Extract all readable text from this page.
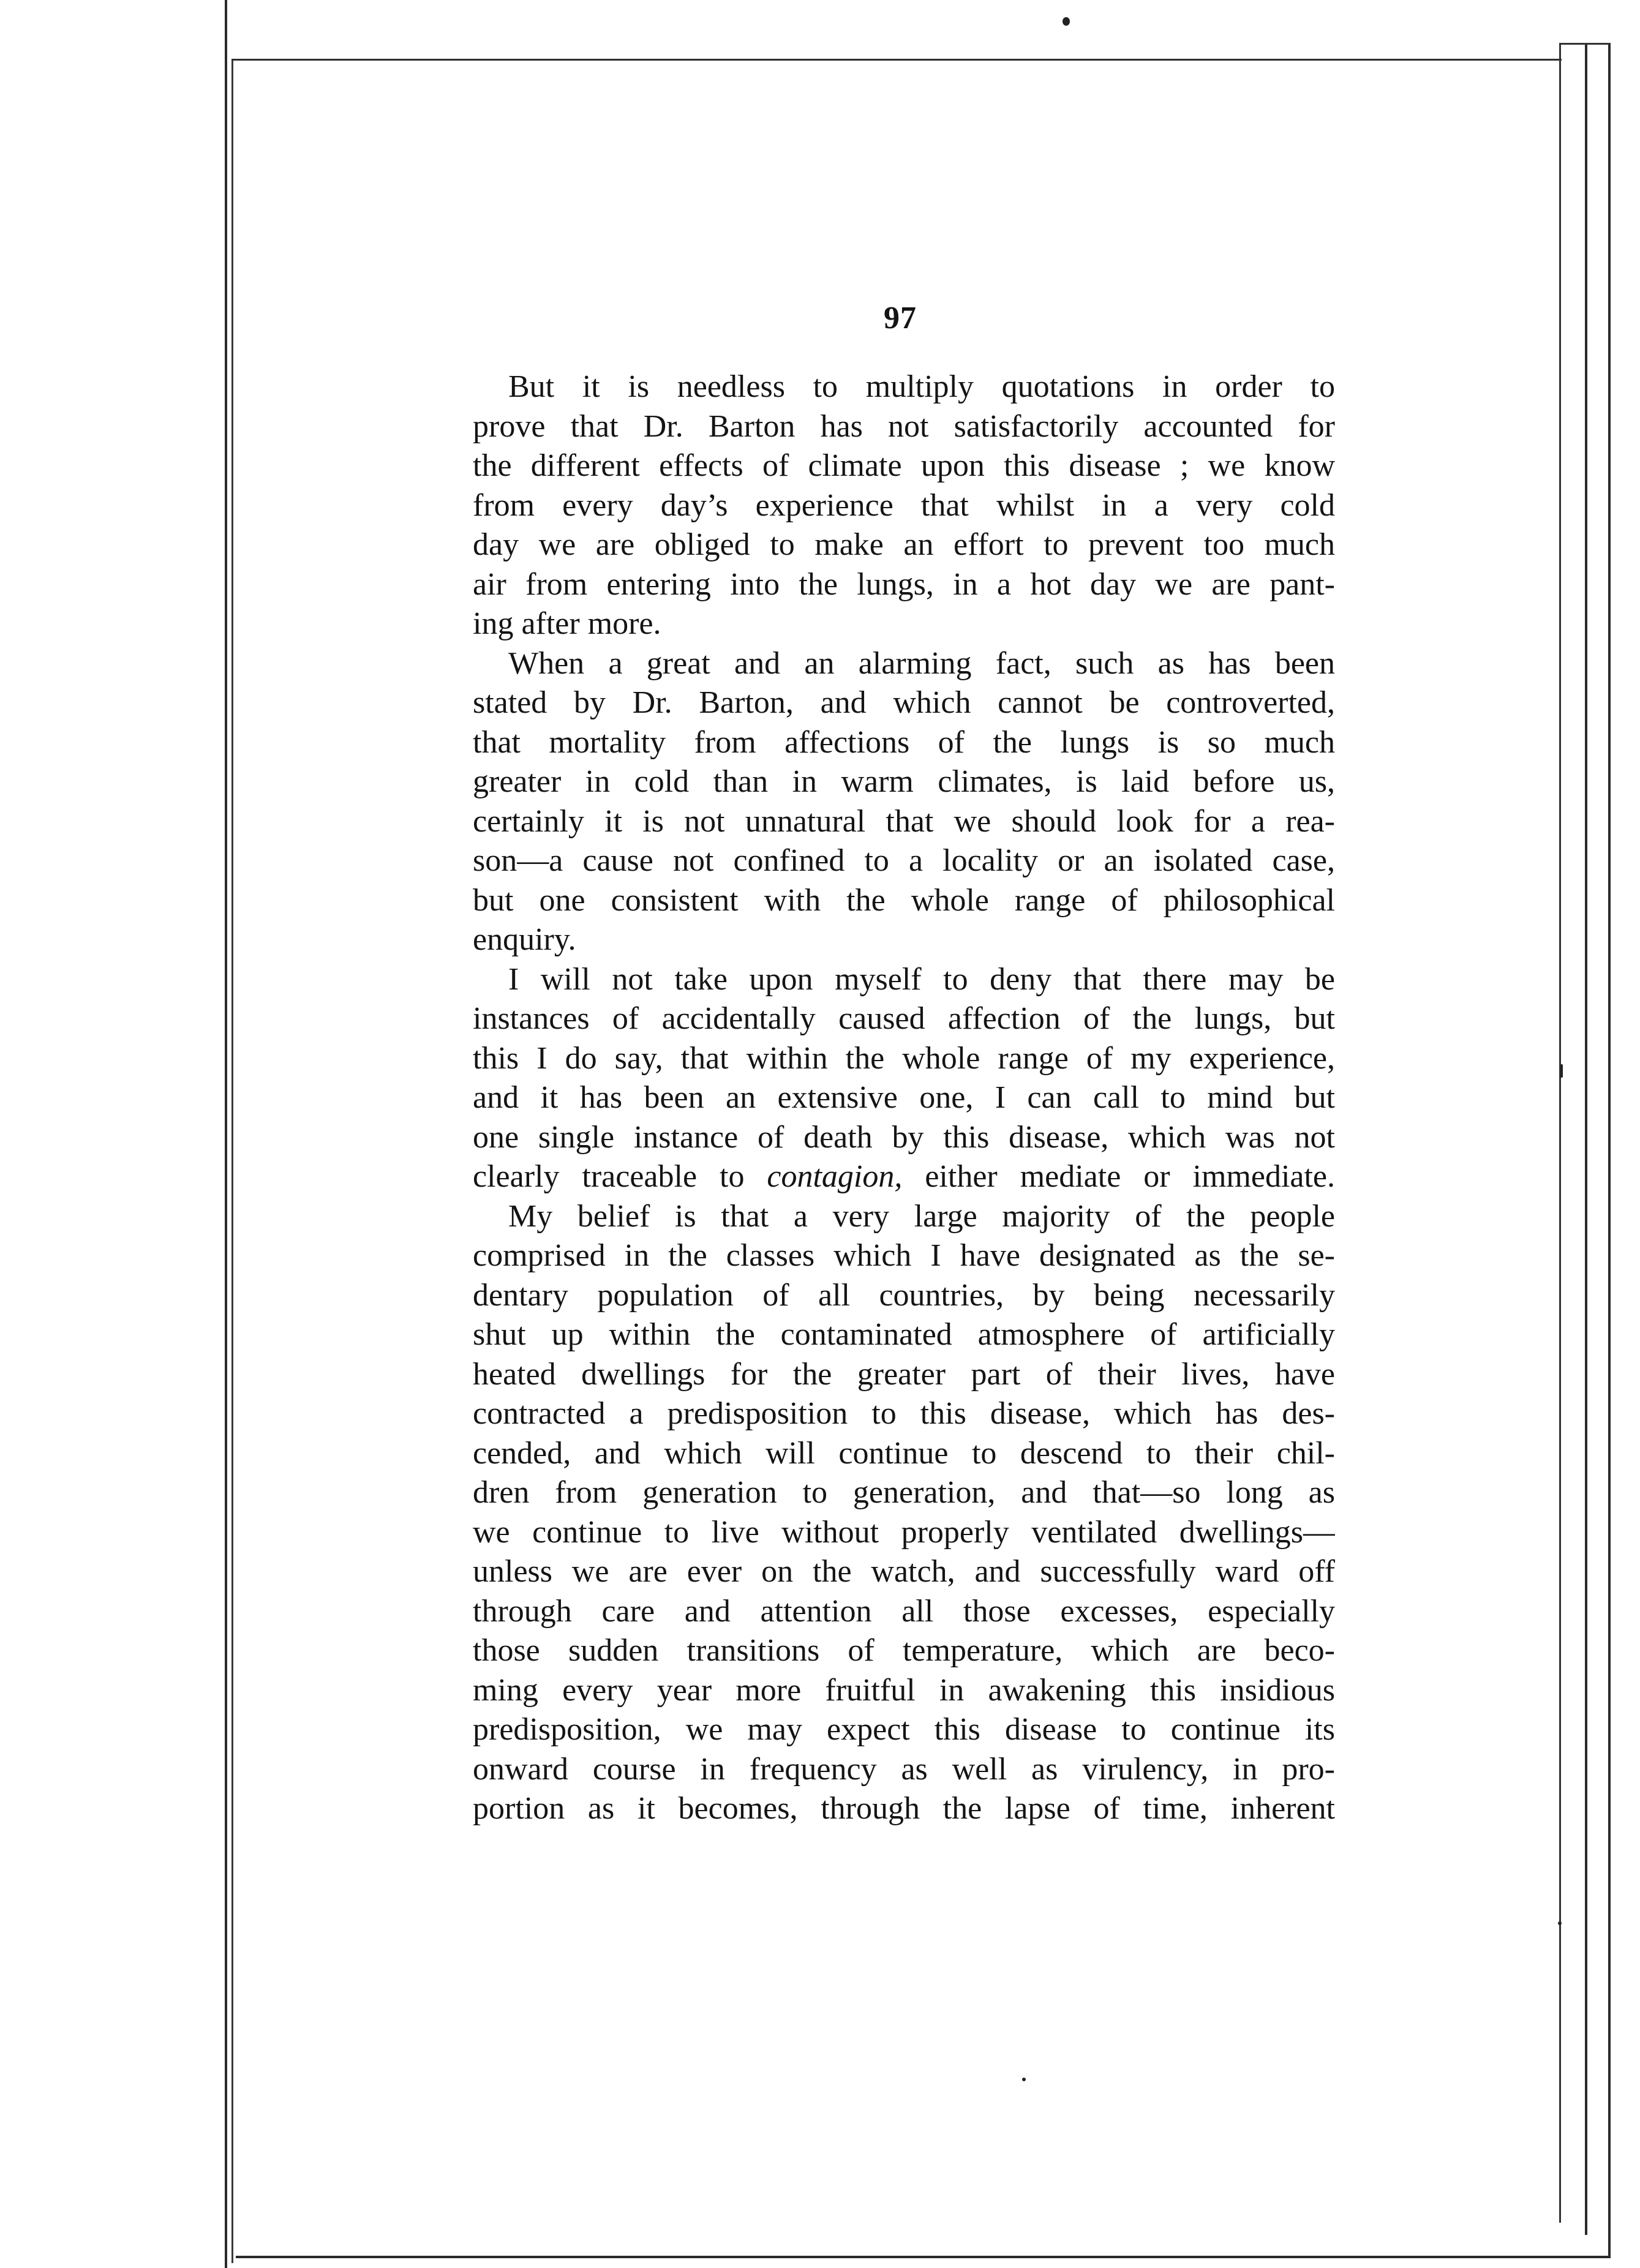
97
But it is needless to multiply quotations in order to
prove that Dr. Barton has not satisfactorily accounted for
the different effects of climate upon this disease ; we know
from every day’s experience that whilst in a very cold
day we are obliged to make an effort to prevent too much
air from entering into the lungs, in a hot day we are pant-
ing after more.
When a great and an alarming fact, such as has been
stated by Dr. Barton, and which cannot be controverted,
that mortality from affections of the lungs is so much
greater in cold than in warm climates, is laid before us,
certainly it is not unnatural that we should look for a rea-
son—a cause not confined to a locality or an isolated case,
but one consistent with the whole range of philosophical
enquiry.
I will not take upon myself to deny that there may be
instances of accidentally caused affection of the lungs, but
this I do say, that within the whole range of my experience,
and it has been an extensive one, I can call to mind but
one single instance of death by this disease, which was not
clearly traceable to contagion, either mediate or immediate.
My belief is that a very large majority of the people
comprised in the classes which I have designated as the se-
dentary population of all countries, by being necessarily
shut up within the contaminated atmosphere of artificially
heated dwellings for the greater part of their lives, have
contracted a predisposition to this disease, which has des-
cended, and which will continue to descend to their chil-
dren from generation to generation, and that—so long as
we continue to live without properly ventilated dwellings—
unless we are ever on the watch, and successfully ward off
through care and attention all those excesses, especially
those sudden transitions of temperature, which are beco-
ming every year more fruitful in awakening this insidious
predisposition, we may expect this disease to continue its
onward course in frequency as well as virulency, in pro-
portion as it becomes, through the lapse of time, inherent
